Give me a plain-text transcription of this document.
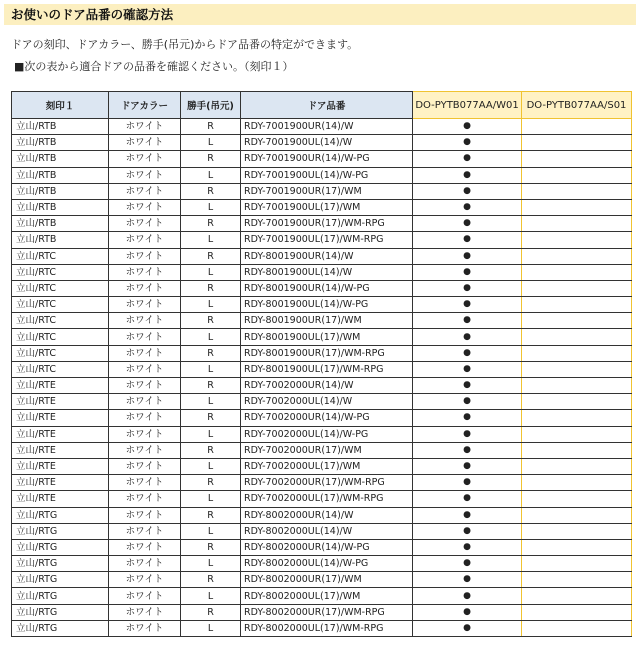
お使いのドア品番の確認方法
ドアの刻印、ドアカラー、勝手(吊元)からドア品番の特定ができます。
■次の表から適合ドアの品番を確認ください。（刻印１）
刻印１	ドアカラー	勝手(吊元)	ドア品番	DO-PYTB077AA/W01	DO-PYTB077AA/S01
立山/RTB	ホワイト	R	RDY-7001900UR(14)/W	●	
立山/RTB	ホワイト	L	RDY-7001900UL(14)/W	●	
立山/RTB	ホワイト	R	RDY-7001900UR(14)/W-PG	●	
立山/RTB	ホワイト	L	RDY-7001900UL(14)/W-PG	●	
立山/RTB	ホワイト	R	RDY-7001900UR(17)/WM	●	
立山/RTB	ホワイト	L	RDY-7001900UL(17)/WM	●	
立山/RTB	ホワイト	R	RDY-7001900UR(17)/WM-RPG	●	
立山/RTB	ホワイト	L	RDY-7001900UL(17)/WM-RPG	●	
立山/RTC	ホワイト	R	RDY-8001900UR(14)/W	●	
立山/RTC	ホワイト	L	RDY-8001900UL(14)/W	●	
立山/RTC	ホワイト	R	RDY-8001900UR(14)/W-PG	●	
立山/RTC	ホワイト	L	RDY-8001900UL(14)/W-PG	●	
立山/RTC	ホワイト	R	RDY-8001900UR(17)/WM	●	
立山/RTC	ホワイト	L	RDY-8001900UL(17)/WM	●	
立山/RTC	ホワイト	R	RDY-8001900UR(17)/WM-RPG	●	
立山/RTC	ホワイト	L	RDY-8001900UL(17)/WM-RPG	●	
立山/RTE	ホワイト	R	RDY-7002000UR(14)/W	●	
立山/RTE	ホワイト	L	RDY-7002000UL(14)/W	●	
立山/RTE	ホワイト	R	RDY-7002000UR(14)/W-PG	●	
立山/RTE	ホワイト	L	RDY-7002000UL(14)/W-PG	●	
立山/RTE	ホワイト	R	RDY-7002000UR(17)/WM	●	
立山/RTE	ホワイト	L	RDY-7002000UL(17)/WM	●	
立山/RTE	ホワイト	R	RDY-7002000UR(17)/WM-RPG	●	
立山/RTE	ホワイト	L	RDY-7002000UL(17)/WM-RPG	●	
立山/RTG	ホワイト	R	RDY-8002000UR(14)/W	●	
立山/RTG	ホワイト	L	RDY-8002000UL(14)/W	●	
立山/RTG	ホワイト	R	RDY-8002000UR(14)/W-PG	●	
立山/RTG	ホワイト	L	RDY-8002000UL(14)/W-PG	●	
立山/RTG	ホワイト	R	RDY-8002000UR(17)/WM	●	
立山/RTG	ホワイト	L	RDY-8002000UL(17)/WM	●	
立山/RTG	ホワイト	R	RDY-8002000UR(17)/WM-RPG	●	
立山/RTG	ホワイト	L	RDY-8002000UL(17)/WM-RPG	●	
